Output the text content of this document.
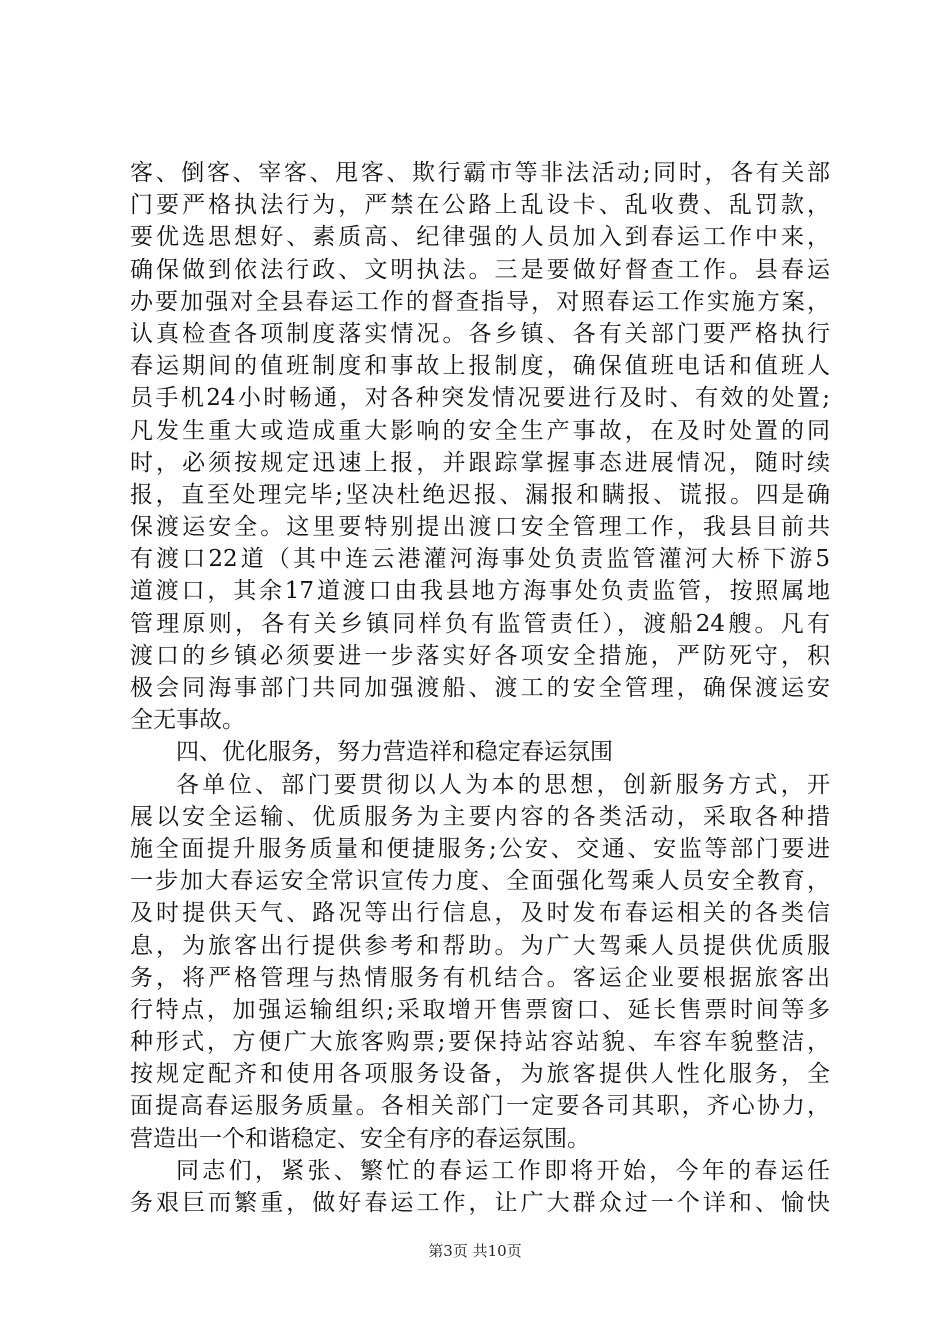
客、倒客、宰客、甩客、欺行霸市等非法活动;同时，各有关部
门要严格执法行为，严禁在公路上乱设卡、乱收费、乱罚款，
要优选思想好、素质高、纪律强的人员加入到春运工作中来，
确保做到依法行政、文明执法。三是要做好督查工作。县春运
办要加强对全县春运工作的督查指导，对照春运工作实施方案，
认真检查各项制度落实情况。各乡镇、各有关部门要严格执行
春运期间的值班制度和事故上报制度，确保值班电话和值班人
员手机24小时畅通，对各种突发情况要进行及时、有效的处置;
凡发生重大或造成重大影响的安全生产事故，在及时处置的同
时，必须按规定迅速上报，并跟踪掌握事态进展情况，随时续
报，直至处理完毕;坚决杜绝迟报、漏报和瞒报、谎报。四是确
保渡运安全。这里要特别提出渡口安全管理工作，我县目前共
有渡口22道（其中连云港灌河海事处负责监管灌河大桥下游5
道渡口，其余17道渡口由我县地方海事处负责监管，按照属地
管理原则，各有关乡镇同样负有监管责任），渡船24艘。凡有
渡口的乡镇必须要进一步落实好各项安全措施，严防死守，积
极会同海事部门共同加强渡船、渡工的安全管理，确保渡运安
全无事故。
四、优化服务，努力营造祥和稳定春运氛围
各单位、部门要贯彻以人为本的思想，创新服务方式，开
展以安全运输、优质服务为主要内容的各类活动，采取各种措
施全面提升服务质量和便捷服务;公安、交通、安监等部门要进
一步加大春运安全常识宣传力度、全面强化驾乘人员安全教育，
及时提供天气、路况等出行信息，及时发布春运相关的各类信
息，为旅客出行提供参考和帮助。为广大驾乘人员提供优质服
务，将严格管理与热情服务有机结合。客运企业要根据旅客出
行特点，加强运输组织;采取增开售票窗口、延长售票时间等多
种形式，方便广大旅客购票;要保持站容站貌、车容车貌整洁，
按规定配齐和使用各项服务设备，为旅客提供人性化服务，全
面提高春运服务质量。各相关部门一定要各司其职，齐心协力，
营造出一个和谐稳定、安全有序的春运氛围。
同志们，紧张、繁忙的春运工作即将开始，今年的春运任
务艰巨而繁重，做好春运工作，让广大群众过一个详和、愉快
第3页 共10页
